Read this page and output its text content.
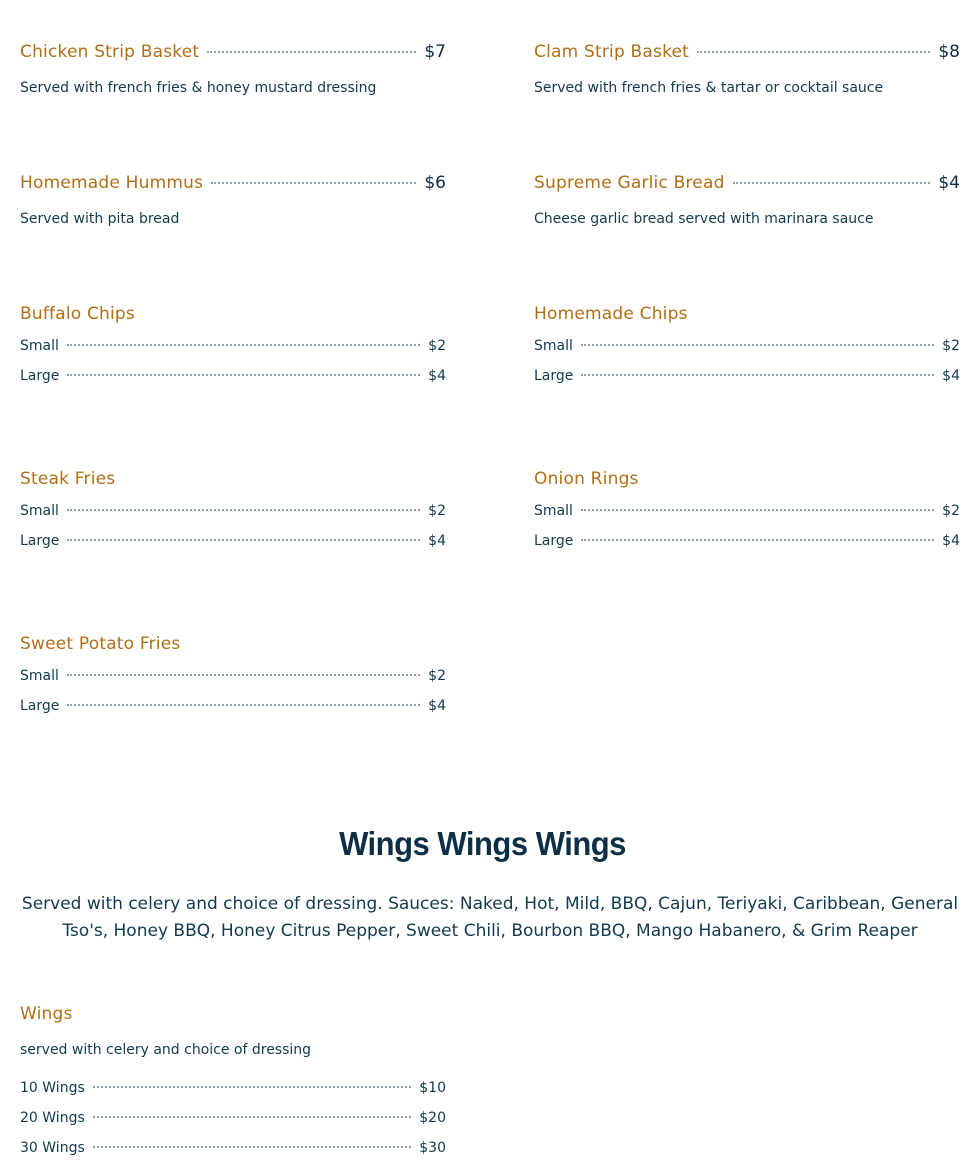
Chicken Strip Basket	$7
Served with french fries & honey mustard dressing
Homemade Hummus	$6
Served with pita bread
Buffalo Chips
Small	$2
Large	$4
Steak Fries
Small	$2
Large	$4
Sweet Potato Fries
Small	$2
Large	$4
Wings
served with celery and choice of dressing
10 Wings	$10
20 Wings	$20
30 Wings	$30
Clam Strip Basket	$8
Served with french fries & tartar or cocktail sauce
Supreme Garlic Bread	$4
Cheese garlic bread served with marinara sauce
Homemade Chips
Small	$2
Large	$4
Onion Rings
Small	$2
Large	$4
Wings Wings Wings
Served with celery and choice of dressing. Sauces: Naked, Hot, Mild, BBQ, Cajun, Teriyaki, Caribbean, General Tso's, Honey BBQ, Honey Citrus Pepper, Sweet Chili, Bourbon BBQ, Mango Habanero, & Grim Reaper
